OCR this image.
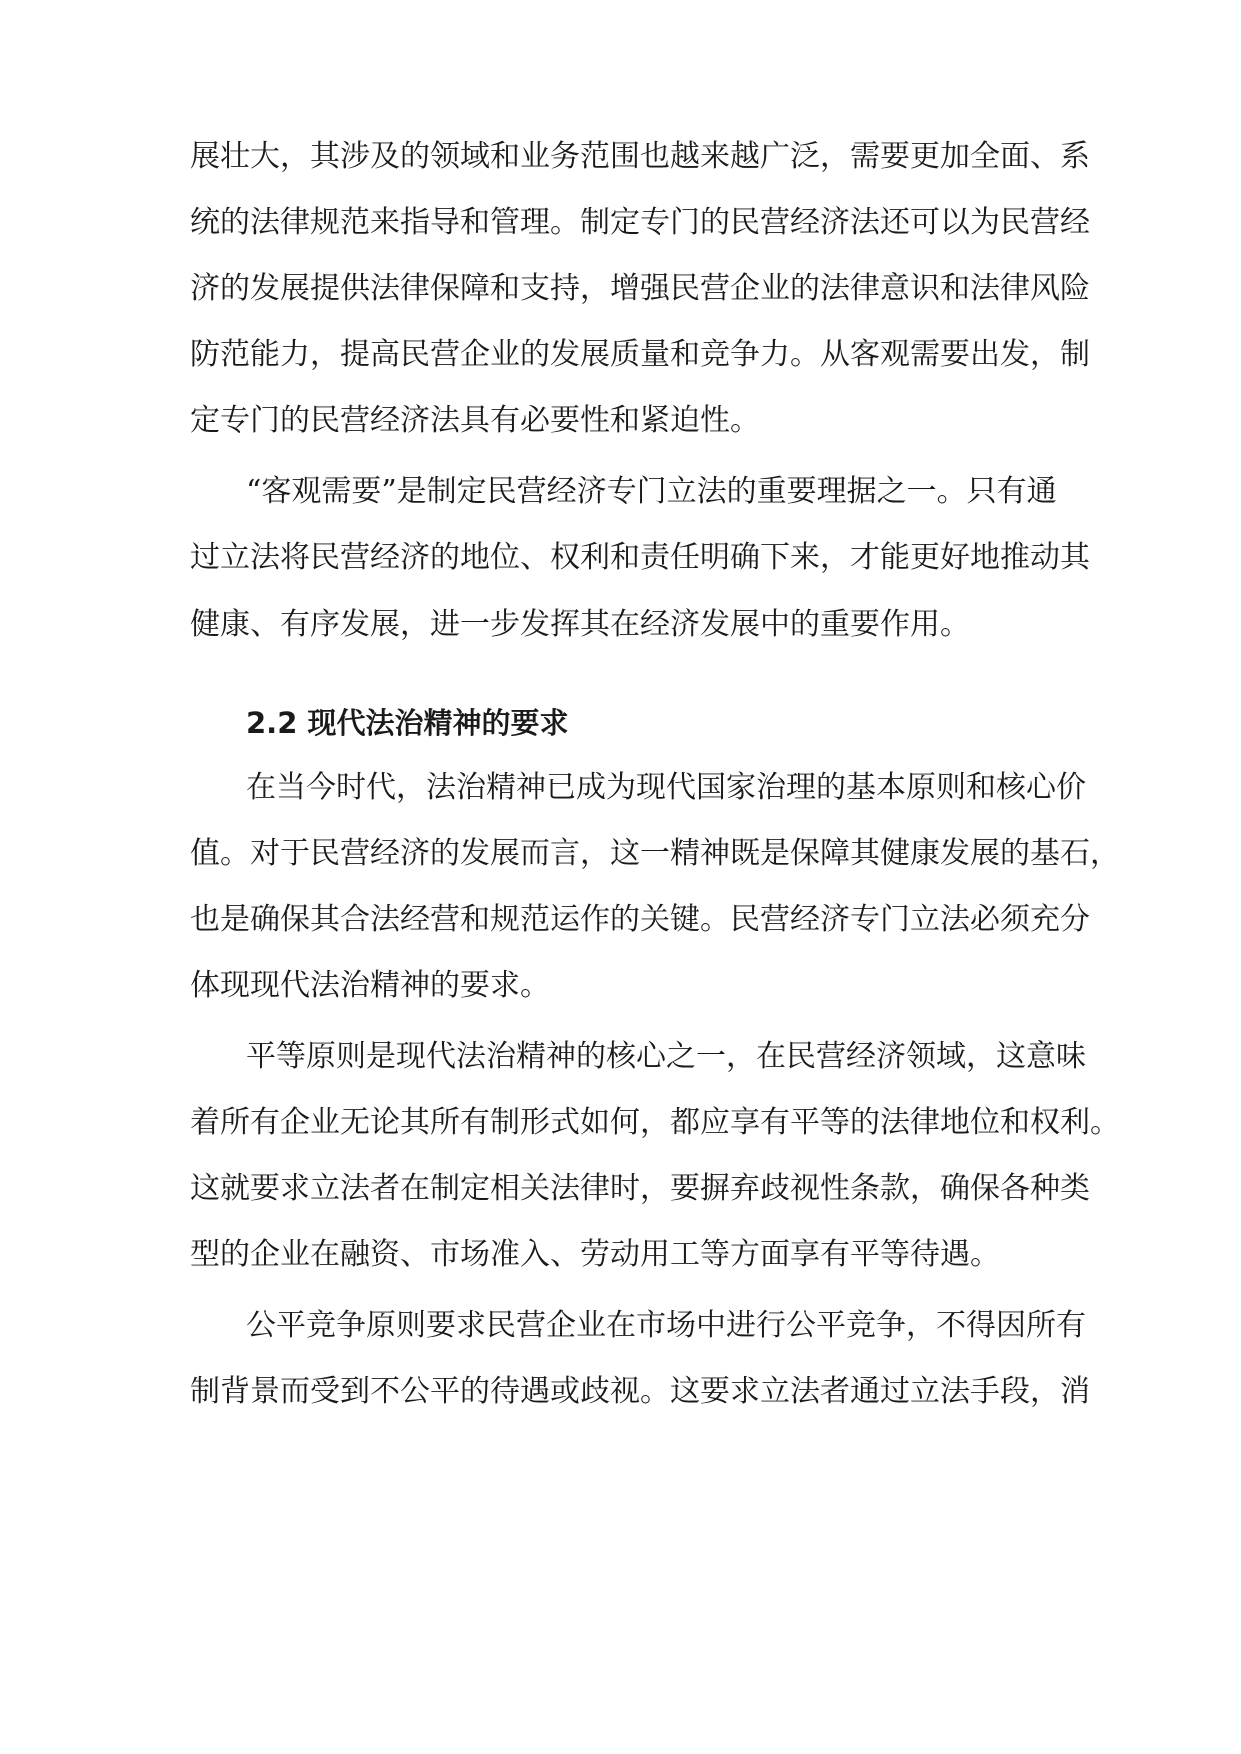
展壮大，其涉及的领域和业务范围也越来越广泛，需要更加全面、系
统的法律规范来指导和管理。制定专门的民营经济法还可以为民营经
济的发展提供法律保障和支持，增强民营企业的法律意识和法律风险
防范能力，提高民营企业的发展质量和竞争力。从客观需要出发，制
定专门的民营经济法具有必要性和紧迫性。
“客观需要”是制定民营经济专门立法的重要理据之一。只有通
过立法将民营经济的地位、权利和责任明确下来，才能更好地推动其
健康、有序发展，进一步发挥其在经济发展中的重要作用。
2.2 现代法治精神的要求
在当今时代，法治精神已成为现代国家治理的基本原则和核心价
值。对于民营经济的发展而言，这一精神既是保障其健康发展的基石，
也是确保其合法经营和规范运作的关键。民营经济专门立法必须充分
体现现代法治精神的要求。
平等原则是现代法治精神的核心之一，在民营经济领域，这意味
着所有企业无论其所有制形式如何，都应享有平等的法律地位和权利。
这就要求立法者在制定相关法律时，要摒弃歧视性条款，确保各种类
型的企业在融资、市场准入、劳动用工等方面享有平等待遇。
公平竞争原则要求民营企业在市场中进行公平竞争，不得因所有
制背景而受到不公平的待遇或歧视。这要求立法者通过立法手段，消
